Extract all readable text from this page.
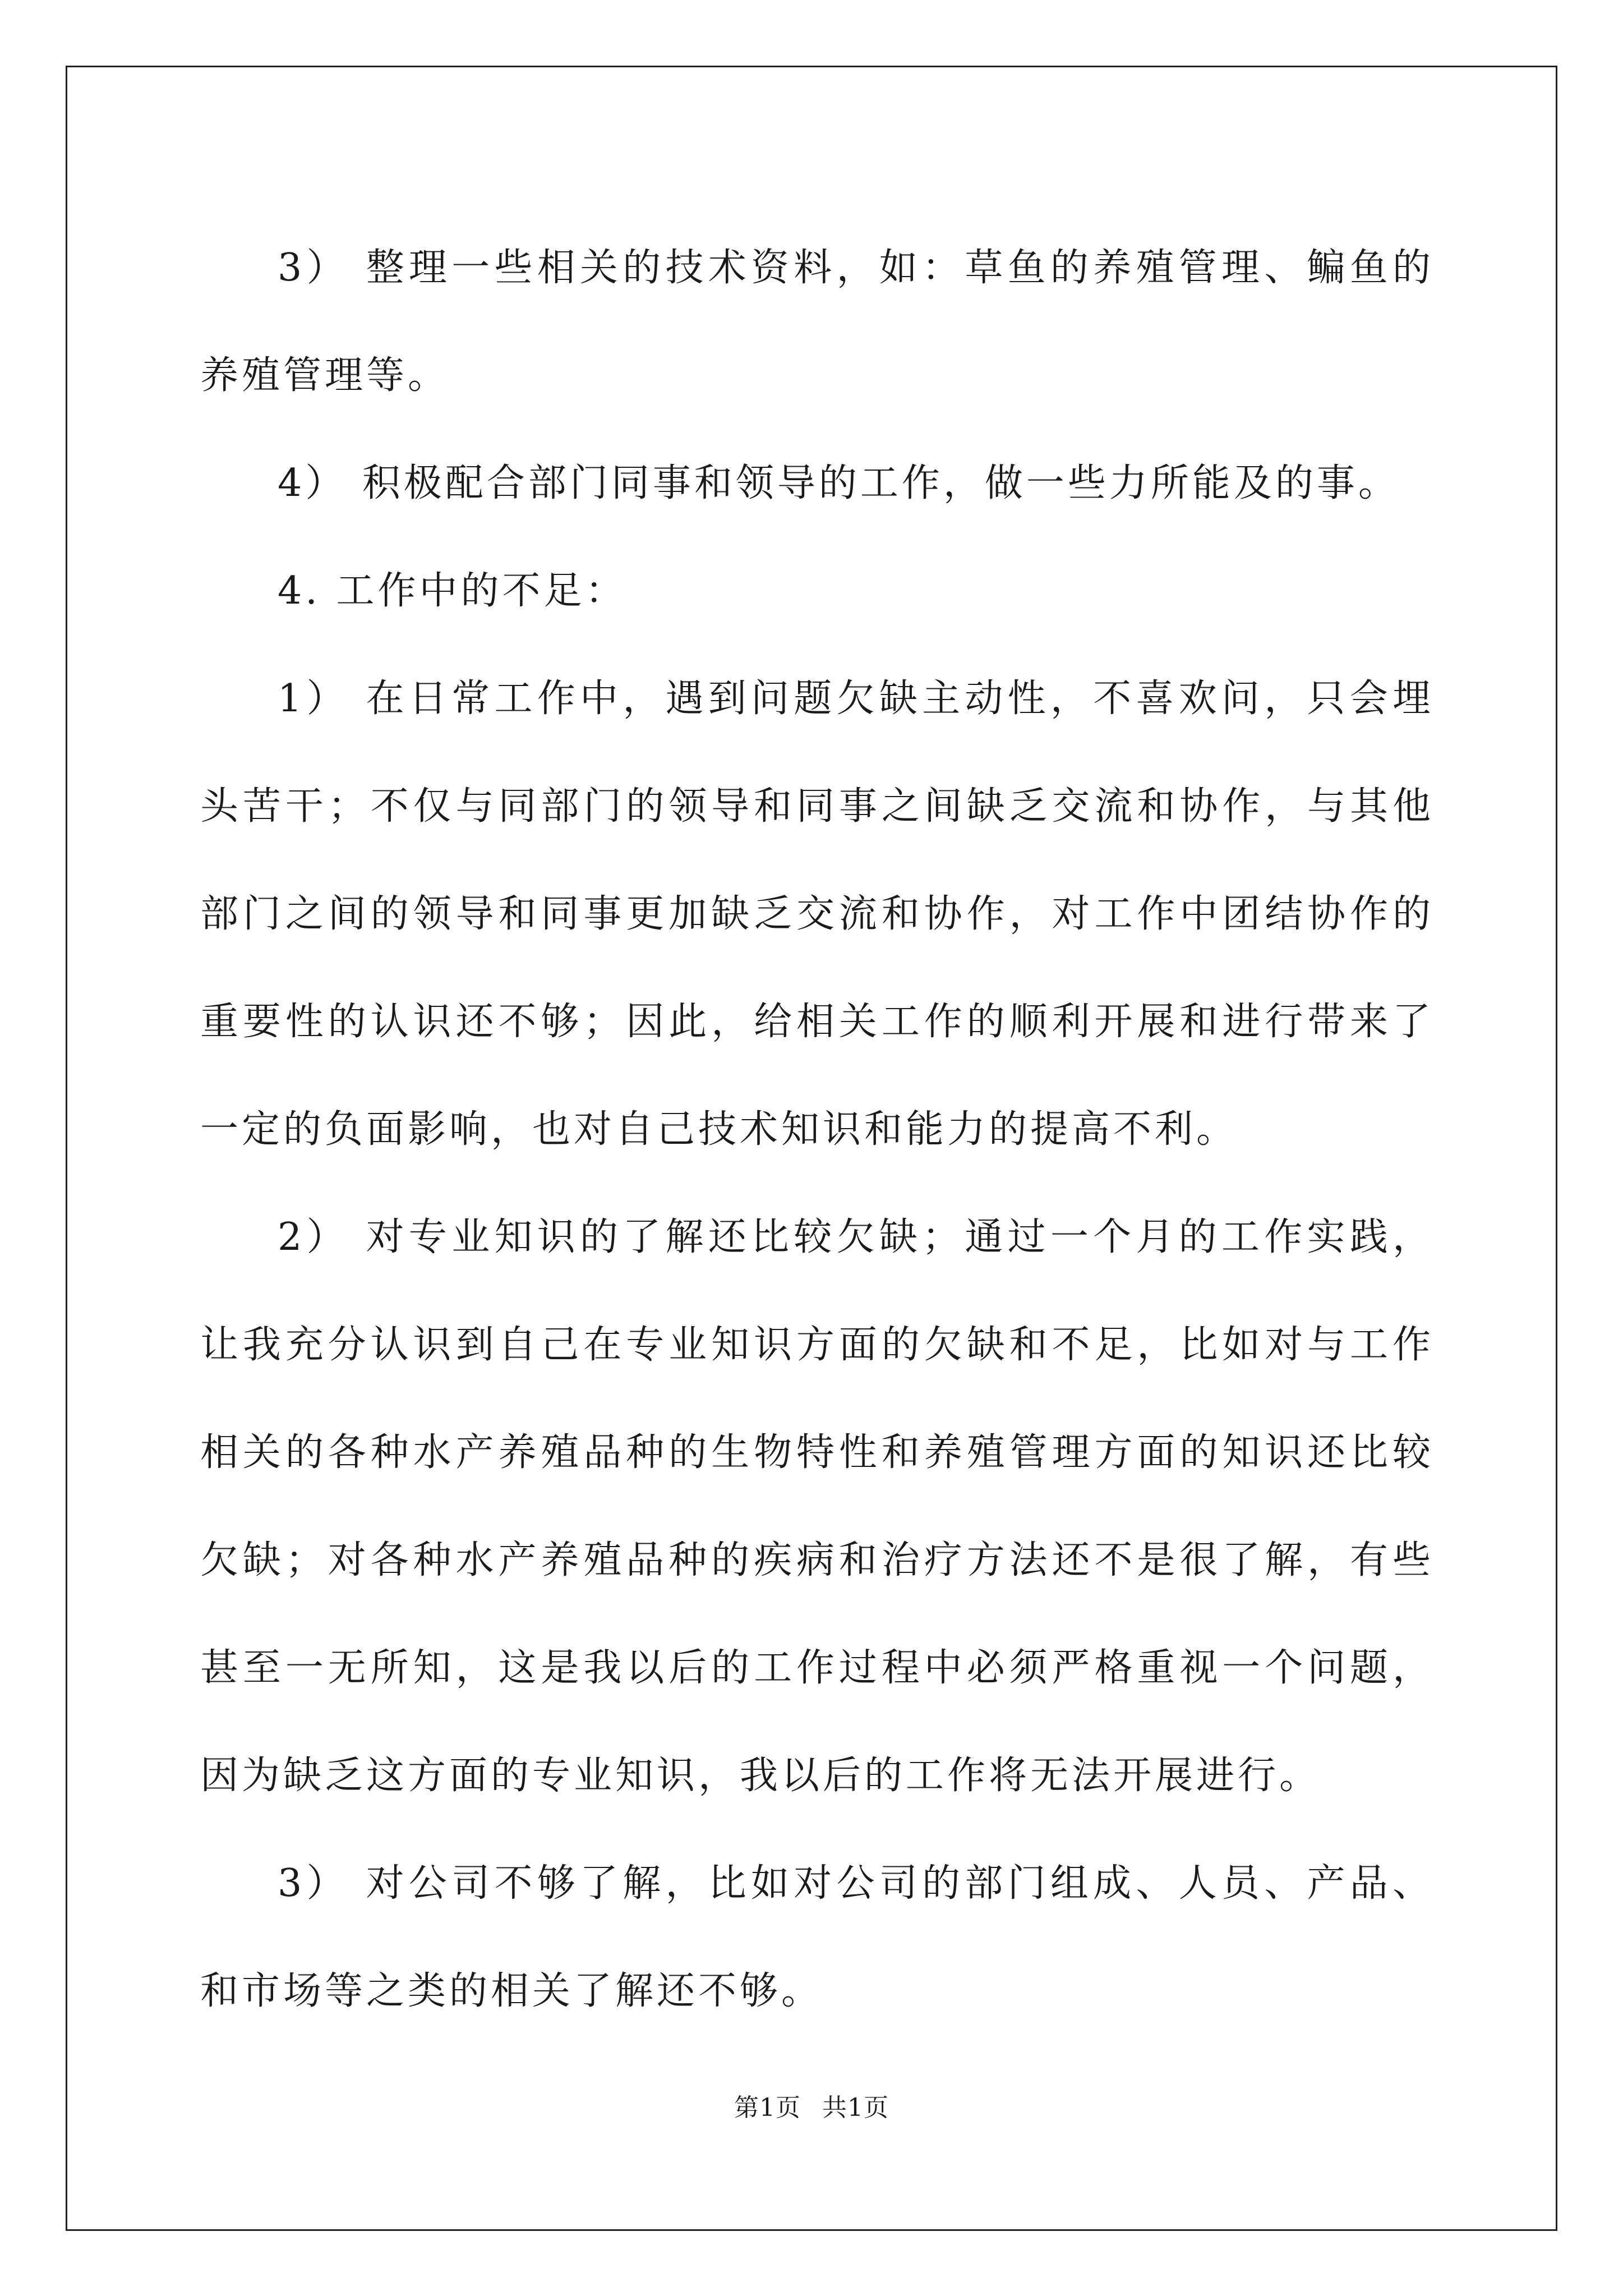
3） 整理一些相关的技术资料，如：草鱼的养殖管理、鳊鱼的养殖管理等。

4） 积极配合部门同事和领导的工作，做一些力所能及的事。

4. 工作中的不足：

1） 在日常工作中，遇到问题欠缺主动性，不喜欢问，只会埋头苦干；不仅与同部门的领导和同事之间缺乏交流和协作，与其他部门之间的领导和同事更加缺乏交流和协作，对工作中团结协作的重要性的认识还不够；因此，给相关工作的顺利开展和进行带来了一定的负面影响，也对自己技术知识和能力的提高不利。

2） 对专业知识的了解还比较欠缺；通过一个月的工作实践，让我充分认识到自己在专业知识方面的欠缺和不足，比如对与工作相关的各种水产养殖品种的生物特性和养殖管理方面的知识还比较欠缺；对各种水产养殖品种的疾病和治疗方法还不是很了解，有些甚至一无所知，这是我以后的工作过程中必须严格重视一个问题，因为缺乏这方面的专业知识，我以后的工作将无法开展进行。

3） 对公司不够了解，比如对公司的部门组成、人员、产品、和市场等之类的相关了解还不够。

第1页 共1页
